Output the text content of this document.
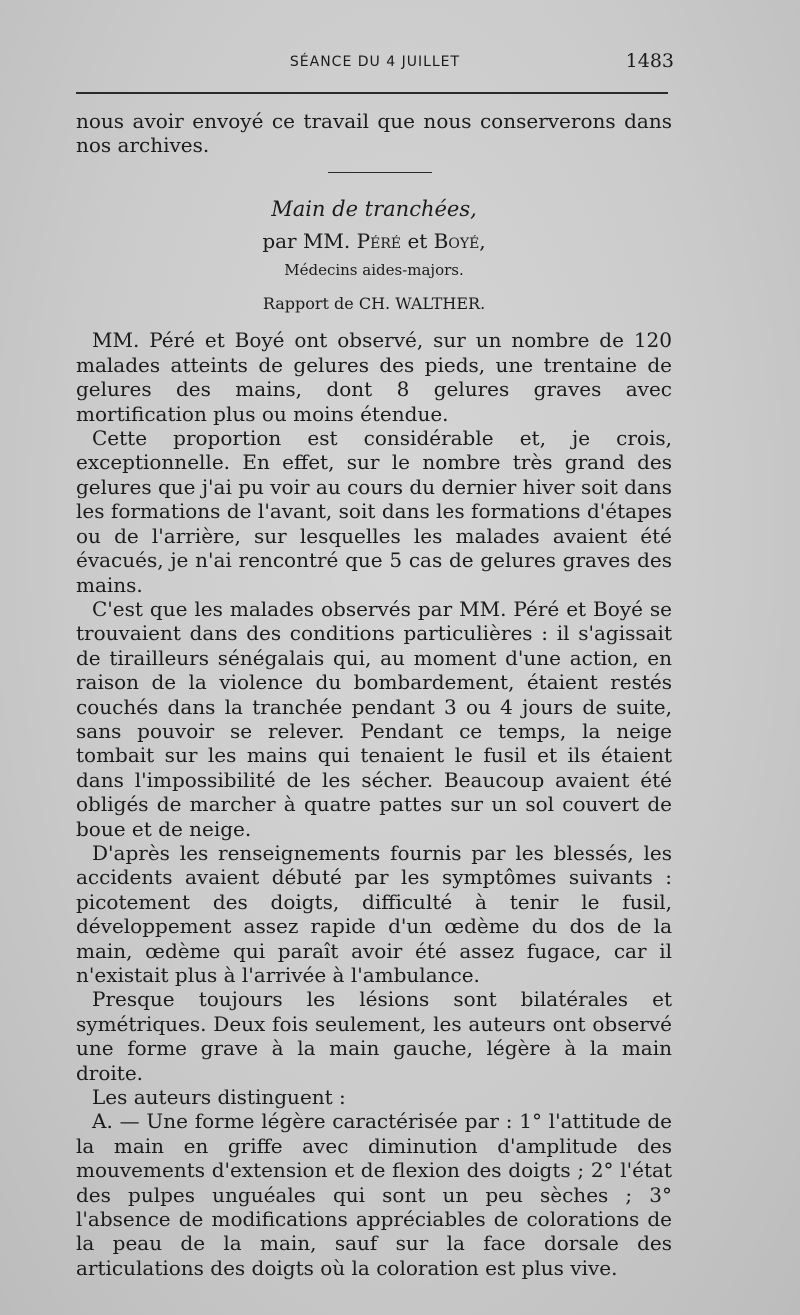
SÉANCE DU 4 JUILLET	1483

nous avoir envoyé ce travail que nous conserverons dans nos archives.

Main de tranchées,

par MM. Péré et Boyé,

Médecins aides-majors.

Rapport de CH. WALTHER.

MM. Péré et Boyé ont observé, sur un nombre de 120 malades atteints de gelures des pieds, une trentaine de gelures des mains, dont 8 gelures graves avec mortification plus ou moins étendue.

Cette proportion est considérable et, je crois, exceptionnelle. En effet, sur le nombre très grand des gelures que j'ai pu voir au cours du dernier hiver soit dans les formations de l'avant, soit dans les formations d'étapes ou de l'arrière, sur lesquelles les malades avaient été évacués, je n'ai rencontré que 5 cas de gelures graves des mains.

C'est que les malades observés par MM. Péré et Boyé se trouvaient dans des conditions particulières : il s'agissait de tirailleurs sénégalais qui, au moment d'une action, en raison de la violence du bombardement, étaient restés couchés dans la tranchée pendant 3 ou 4 jours de suite, sans pouvoir se relever. Pendant ce temps, la neige tombait sur les mains qui tenaient le fusil et ils étaient dans l'impossibilité de les sécher. Beaucoup avaient été obligés de marcher à quatre pattes sur un sol couvert de boue et de neige.

D'après les renseignements fournis par les blessés, les accidents avaient débuté par les symptômes suivants : picotement des doigts, difficulté à tenir le fusil, développement assez rapide d'un œdème du dos de la main, œdème qui paraît avoir été assez fugace, car il n'existait plus à l'arrivée à l'ambulance.

Presque toujours les lésions sont bilatérales et symétriques. Deux fois seulement, les auteurs ont observé une forme grave à la main gauche, légère à la main droite.

Les auteurs distinguent :

A. — Une forme légère caractérisée par : 1° l'attitude de la main en griffe avec diminution d'amplitude des mouvements d'extension et de flexion des doigts ; 2° l'état des pulpes unguéales qui sont un peu sèches ; 3° l'absence de modifications appréciables de colorations de la peau de la main, sauf sur la face dorsale des articulations des doigts où la coloration est plus vive.
